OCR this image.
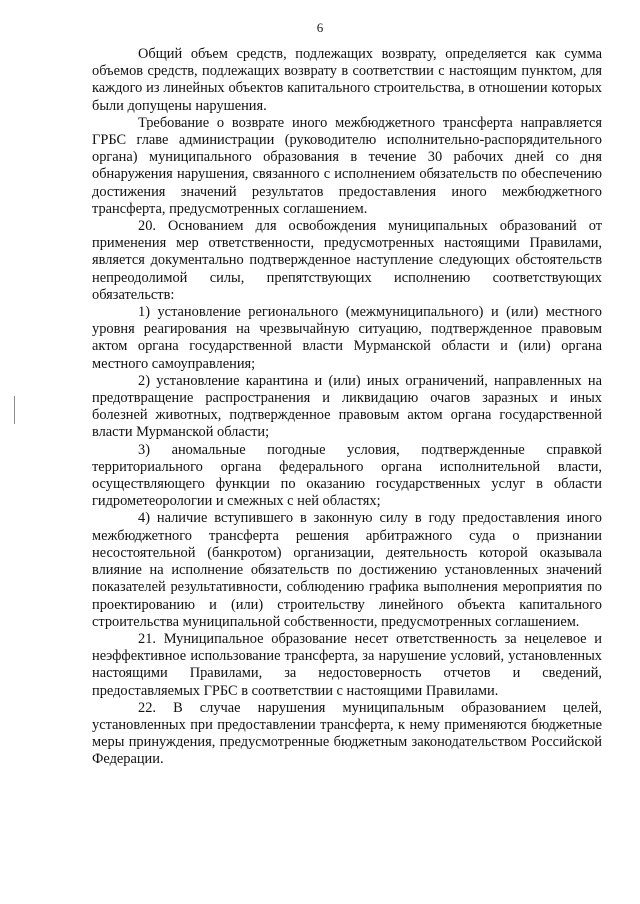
6

Общий объем средств, подлежащих возврату, определяется как сумма объемов средств, подлежащих возврату в соответствии с настоящим пунктом, для каждого из линейных объектов капитального строительства, в отношении которых были допущены нарушения.

Требование о возврате иного межбюджетного трансферта направляется ГРБС главе администрации (руководителю исполнительно-распорядительного органа) муниципального образования в течение 30 рабочих дней со дня обнаружения нарушения, связанного с исполнением обязательств по обеспечению достижения значений результатов предоставления иного межбюджетного трансферта, предусмотренных соглашением.

20. Основанием для освобождения муниципальных образований от применения мер ответственности, предусмотренных настоящими Правилами, является документально подтвержденное наступление следующих обстоятельств непреодолимой силы, препятствующих исполнению соответствующих обязательств:

1) установление регионального (межмуниципального) и (или) местного уровня реагирования на чрезвычайную ситуацию, подтвержденное правовым актом органа государственной власти Мурманской области и (или) органа местного самоуправления;

2) установление карантина и (или) иных ограничений, направленных на предотвращение распространения и ликвидацию очагов заразных и иных болезней животных, подтвержденное правовым актом органа государственной власти Мурманской области;

3) аномальные погодные условия, подтвержденные справкой территориального органа федерального органа исполнительной власти, осуществляющего функции по оказанию государственных услуг в области гидрометеорологии и смежных с ней областях;

4) наличие вступившего в законную силу в году предоставления иного межбюджетного трансферта решения арбитражного суда о признании несостоятельной (банкротом) организации, деятельность которой оказывала влияние на исполнение обязательств по достижению установленных значений показателей результативности, соблюдению графика выполнения мероприятия по проектированию и (или) строительству линейного объекта капитального строительства муниципальной собственности, предусмотренных соглашением.

21. Муниципальное образование несет ответственность за нецелевое и неэффективное использование трансферта, за нарушение условий, установленных настоящими Правилами, за недостоверность отчетов и сведений, предоставляемых ГРБС в соответствии с настоящими Правилами.

22. В случае нарушения муниципальным образованием целей, установленных при предоставлении трансферта, к нему применяются бюджетные меры принуждения, предусмотренные бюджетным законодательством Российской Федерации.
